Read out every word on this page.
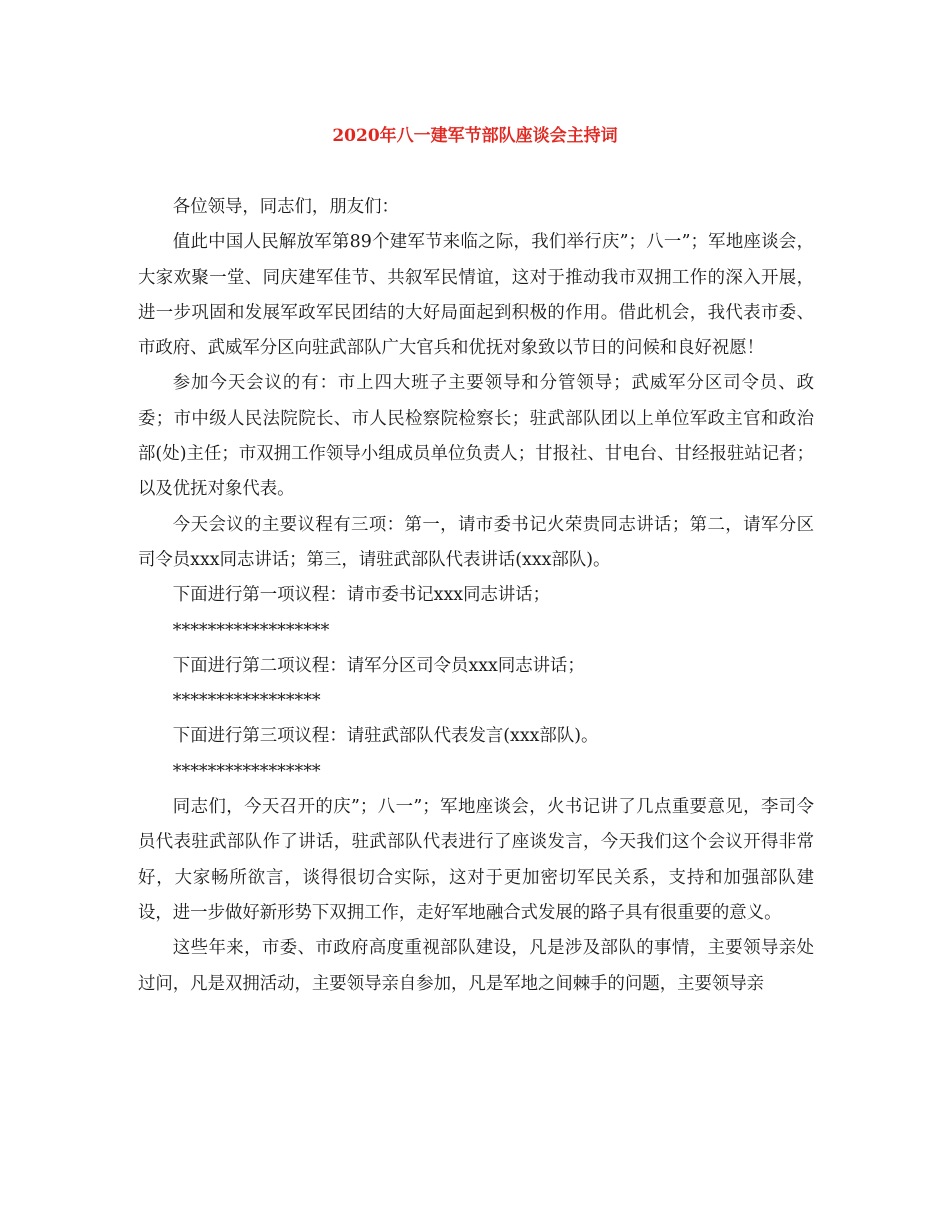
2020年八一建军节部队座谈会主持词

各位领导，同志们，朋友们：

值此中国人民解放军第89个建军节来临之际，我们举行庆”；八一”；军地座谈会，大家欢聚一堂、同庆建军佳节、共叙军民情谊，这对于推动我市双拥工作的深入开展，进一步巩固和发展军政军民团结的大好局面起到积极的作用。借此机会，我代表市委、市政府、武威军分区向驻武部队广大官兵和优抚对象致以节日的问候和良好祝愿！

参加今天会议的有：市上四大班子主要领导和分管领导；武威军分区司令员、政委；市中级人民法院院长、市人民检察院检察长；驻武部队团以上单位军政主官和政治部(处)主任；市双拥工作领导小组成员单位负责人；甘报社、甘电台、甘经报驻站记者；以及优抚对象代表。

今天会议的主要议程有三项：第一，请市委书记火荣贵同志讲话；第二，请军分区司令员xxx同志讲话；第三，请驻武部队代表讲话(xxx部队)。

下面进行第一项议程：请市委书记xxx同志讲话；

******************

下面进行第二项议程：请军分区司令员xxx同志讲话；

*****************

下面进行第三项议程：请驻武部队代表发言(xxx部队)。

*****************

同志们，今天召开的庆”；八一”；军地座谈会，火书记讲了几点重要意见，李司令员代表驻武部队作了讲话，驻武部队代表进行了座谈发言，今天我们这个会议开得非常好，大家畅所欲言，谈得很切合实际，这对于更加密切军民关系，支持和加强部队建设，进一步做好新形势下双拥工作，走好军地融合式发展的路子具有很重要的意义。

这些年来，市委、市政府高度重视部队建设，凡是涉及部队的事情，主要领导亲处过问，凡是双拥活动，主要领导亲自参加，凡是军地之间棘手的问题，主要领导亲
